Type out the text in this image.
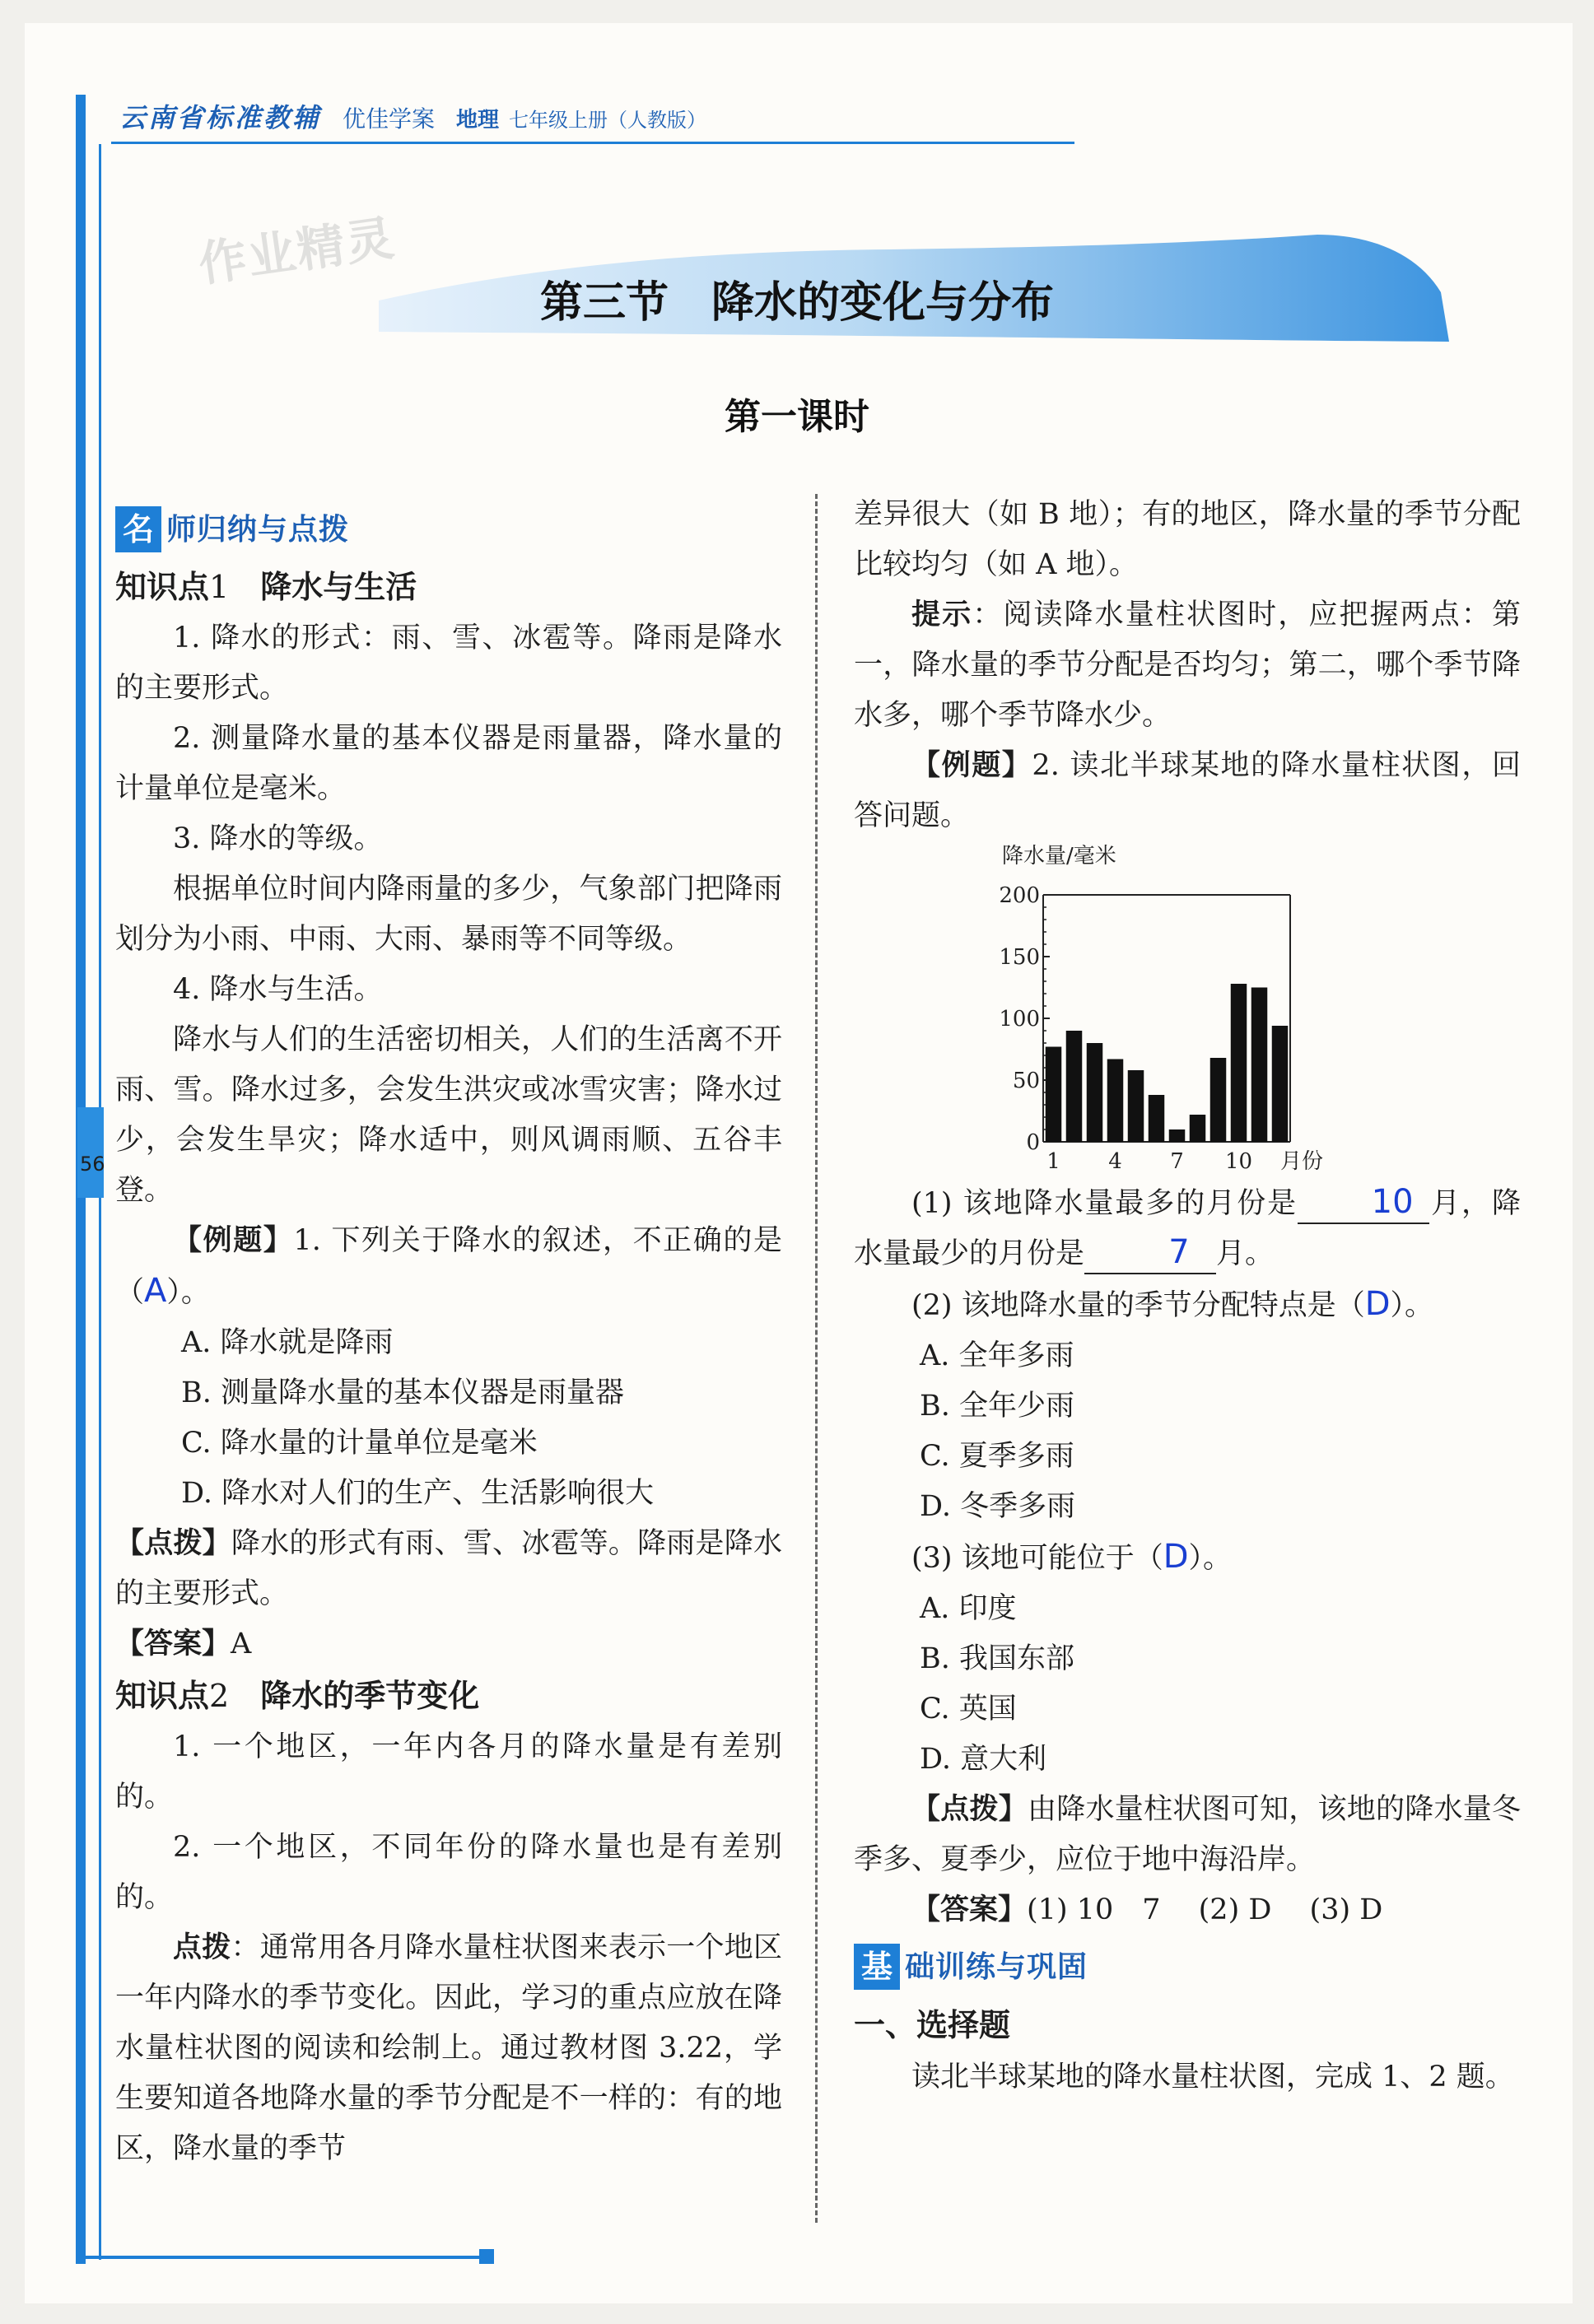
56
云南省标准教辅 优佳学案 地理 七年级上册（人教版）
作业精灵
第三节　降水的变化与分布
第一课时
名 师归纳与点拨

知识点1　 降水与生活

1. 降水的形式：雨、雪、冰雹等。降雨是降水的主要形式。

2. 测量降水量的基本仪器是雨量器，降水量的计量单位是毫米。

3. 降水的等级。

根据单位时间内降雨量的多少，气象部门把降雨划分为小雨、中雨、大雨、暴雨等不同等级。

4. 降水与生活。

降水与人们的生活密切相关，人们的生活离不开雨、雪。降水过多，会发生洪灾或冰雪灾害；降水过少，会发生旱灾；降水适中，则风调雨顺、五谷丰登。

【例题】1. 下列关于降水的叙述，不正确的是（A）。

A. 降水就是降雨

B. 测量降水量的基本仪器是雨量器

C. 降水量的计量单位是毫米

D. 降水对人们的生产、生活影响很大

【点拨】降水的形式有雨、雪、冰雹等。降雨是降水的主要形式。

【答案】A

知识点2　 降水的季节变化

1. 一个地区，一年内各月的降水量是有差别的。

2. 一个地区，不同年份的降水量也是有差别的。

点拨：通常用各月降水量柱状图来表示一个地区一年内降水的季节变化。因此，学习的重点应放在降水量柱状图的阅读和绘制上。通过教材图 3.22，学生要知道各地降水量的季节分配是不一样的：有的地区，降水量的季节

差异很大（如 B 地）；有的地区，降水量的季节分配比较均匀（如 A 地）。

提示：阅读降水量柱状图时，应把握两点：第一，降水量的季节分配是否均匀；第二，哪个季节降水多，哪个季节降水少。

【例题】2. 读北半球某地的降水量柱状图，回答问题。

降水量/毫米
0
50
100
150
200
1 4 7 10 月份

(1) 该地降水量最多的月份是 10 月，降水量最少的月份是	7 月。

(2) 该地降水量的季节分配特点是（D）。

A. 全年多雨

B. 全年少雨

C. 夏季多雨

D. 冬季多雨

(3) 该地可能位于（D）。

A. 印度

B. 我国东部

C. 英国

D. 意大利

【点拨】由降水量柱状图可知，该地的降水量冬季多、夏季少，应位于地中海沿岸。

【答案】(1) 10　7　 (2) D　 (3) D

基 础训练与巩固

一、选择题

读北半球某地的降水量柱状图，完成 1、2 题。
